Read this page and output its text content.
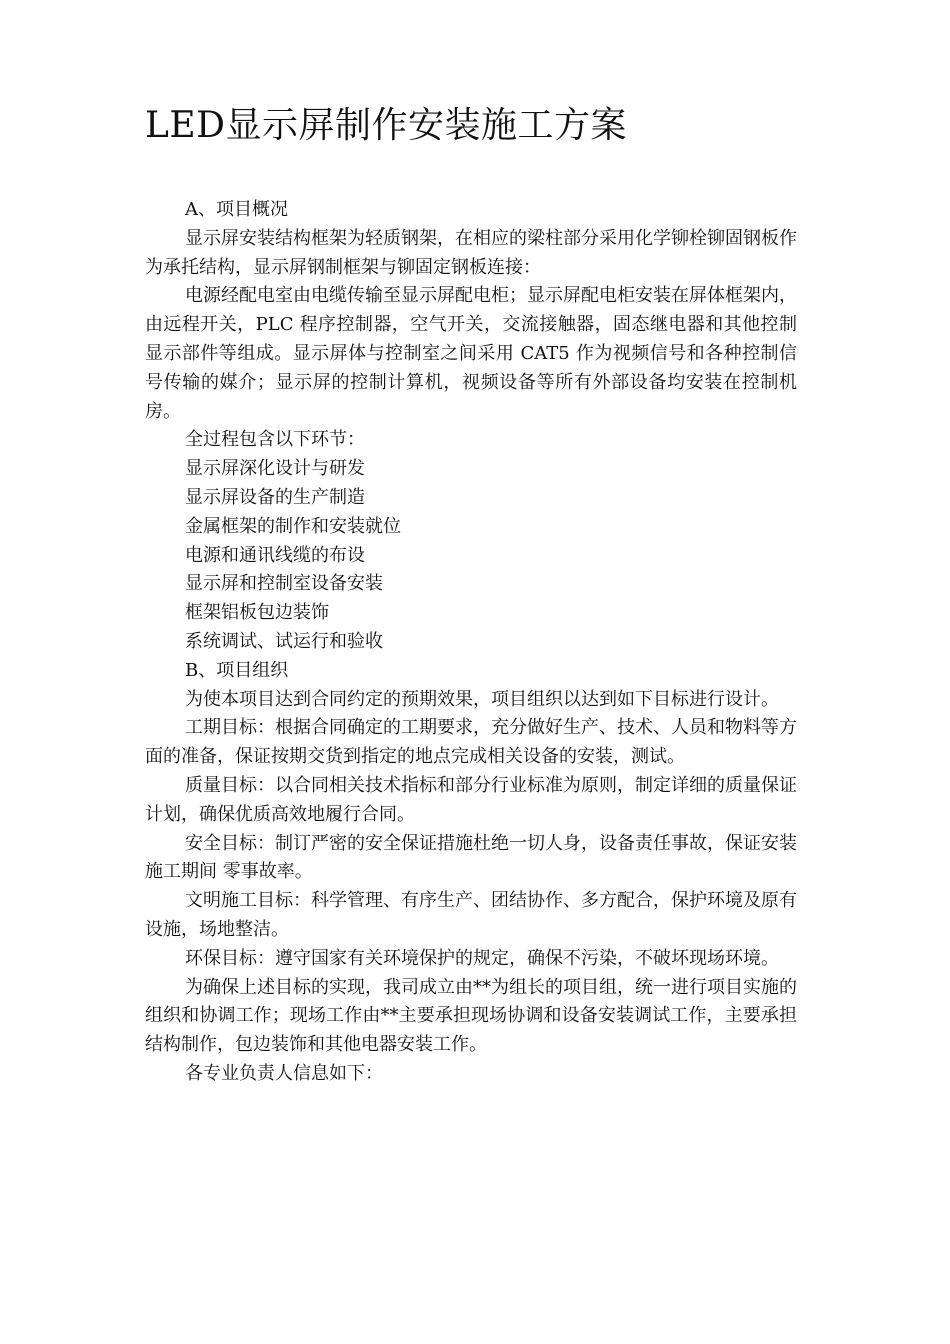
LED显示屏制作安装施工方案

A、项目概况

显示屏安装结构框架为轻质钢架，在相应的梁柱部分采用化学铆栓铆固钢板作为承托结构，显示屏钢制框架与铆固定钢板连接：

电源经配电室由电缆传输至显示屏配电柜；显示屏配电柜安装在屏体框架内，由远程开关，PLC 程序控制器，空气开关，交流接触器，固态继电器和其他控制显示部件等组成。显示屏体与控制室之间采用 CAT5 作为视频信号和各种控制信号传输的媒介；显示屏的控制计算机，视频设备等所有外部设备均安装在控制机房。

全过程包含以下环节：

显示屏深化设计与研发

显示屏设备的生产制造

金属框架的制作和安装就位

电源和通讯线缆的布设

显示屏和控制室设备安装

框架铝板包边装饰

系统调试、试运行和验收

B、项目组织

为使本项目达到合同约定的预期效果，项目组织以达到如下目标进行设计。

工期目标：根据合同确定的工期要求，充分做好生产、技术、人员和物料等方面的准备，保证按期交货到指定的地点完成相关设备的安装，测试。

质量目标：以合同相关技术指标和部分行业标准为原则，制定详细的质量保证计划，确保优质高效地履行合同。

安全目标：制订严密的安全保证措施杜绝一切人身，设备责任事故，保证安装施工期间 零事故率。

文明施工目标：科学管理、有序生产、团结协作、多方配合，保护环境及原有设施，场地整洁。

环保目标：遵守国家有关环境保护的规定，确保不污染，不破坏现场环境。

为确保上述目标的实现，我司成立由**为组长的项目组，统一进行项目实施的组织和协调工作；现场工作由**主要承担现场协调和设备安装调试工作，主要承担结构制作，包边装饰和其他电器安装工作。

各专业负责人信息如下：
